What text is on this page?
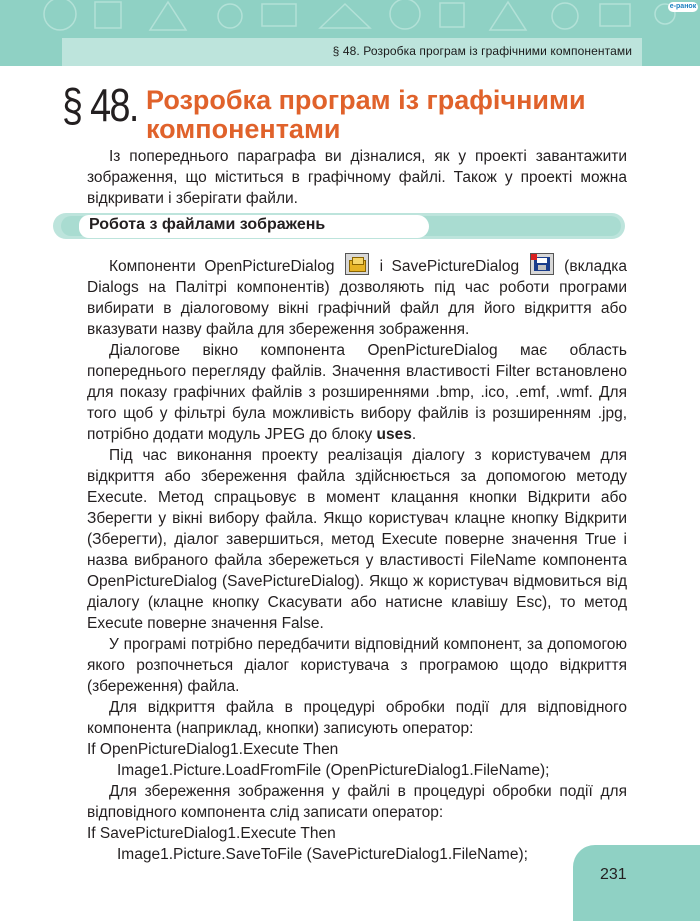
§ 48. Розробка програм із графічними компонентами
e-ранок
§ 48. Розробка програм із графічними компонентами

Із попереднього параграфа ви дізналися, як у проекті завантажити зображення, що міститься в графічному файлі. Також у проекті можна відкривати і зберігати файли.

Робота з файлами зображень

Компоненти OpenPictureDialog	і SavePictureDialog	(вкладка Dialogs на Палітрі компонентів) дозволяють під час роботи програми вибирати в діалоговому вікні графічний файл для його відкриття або вказувати назву файла для збереження зображення.

Діалогове вікно компонента OpenPictureDialog має область попереднього перегляду файлів. Значення властивості Filter встановлено для показу графічних файлів з розширеннями .bmp, .ico, .emf, .wmf. Для того щоб у фільтрі була можливість вибору файлів із розширенням .jpg, потрібно додати модуль JPEG до блоку uses.

Під час виконання проекту реалізація діалогу з користувачем для відкриття або збереження файла здійснюється за допомогою методу Execute. Метод спрацьовує в момент клацання кнопки Відкрити або Зберегти у вікні вибору файла. Якщо користувач клацне кнопку Відкрити (Зберегти), діалог завершиться, метод Execute поверне значення True і назва вибраного файла збережеться у властивості FileName компонента OpenPictureDialog (SavePictureDialog). Якщо ж користувач відмовиться від діалогу (клацне кнопку Скасувати або натисне клавішу Esc), то метод Execute поверне значення False.

У програмі потрібно передбачити відповідний компонент, за допомогою якого розпочнеться діалог користувача з програмою щодо відкриття (збереження) файла.

Для відкриття файла в процедурі обробки події для відповідного компонента (наприклад, кнопки) записують оператор:

If OpenPictureDialog1.Execute Then
Image1.Picture.LoadFromFile (OpenPictureDialog1.FileName);

Для збереження зображення у файлі в процедурі обробки події для відповідного компонента слід записати оператор:

If SavePictureDialog1.Execute Then
Image1.Picture.SaveToFile (SavePictureDialog1.FileName);
231
